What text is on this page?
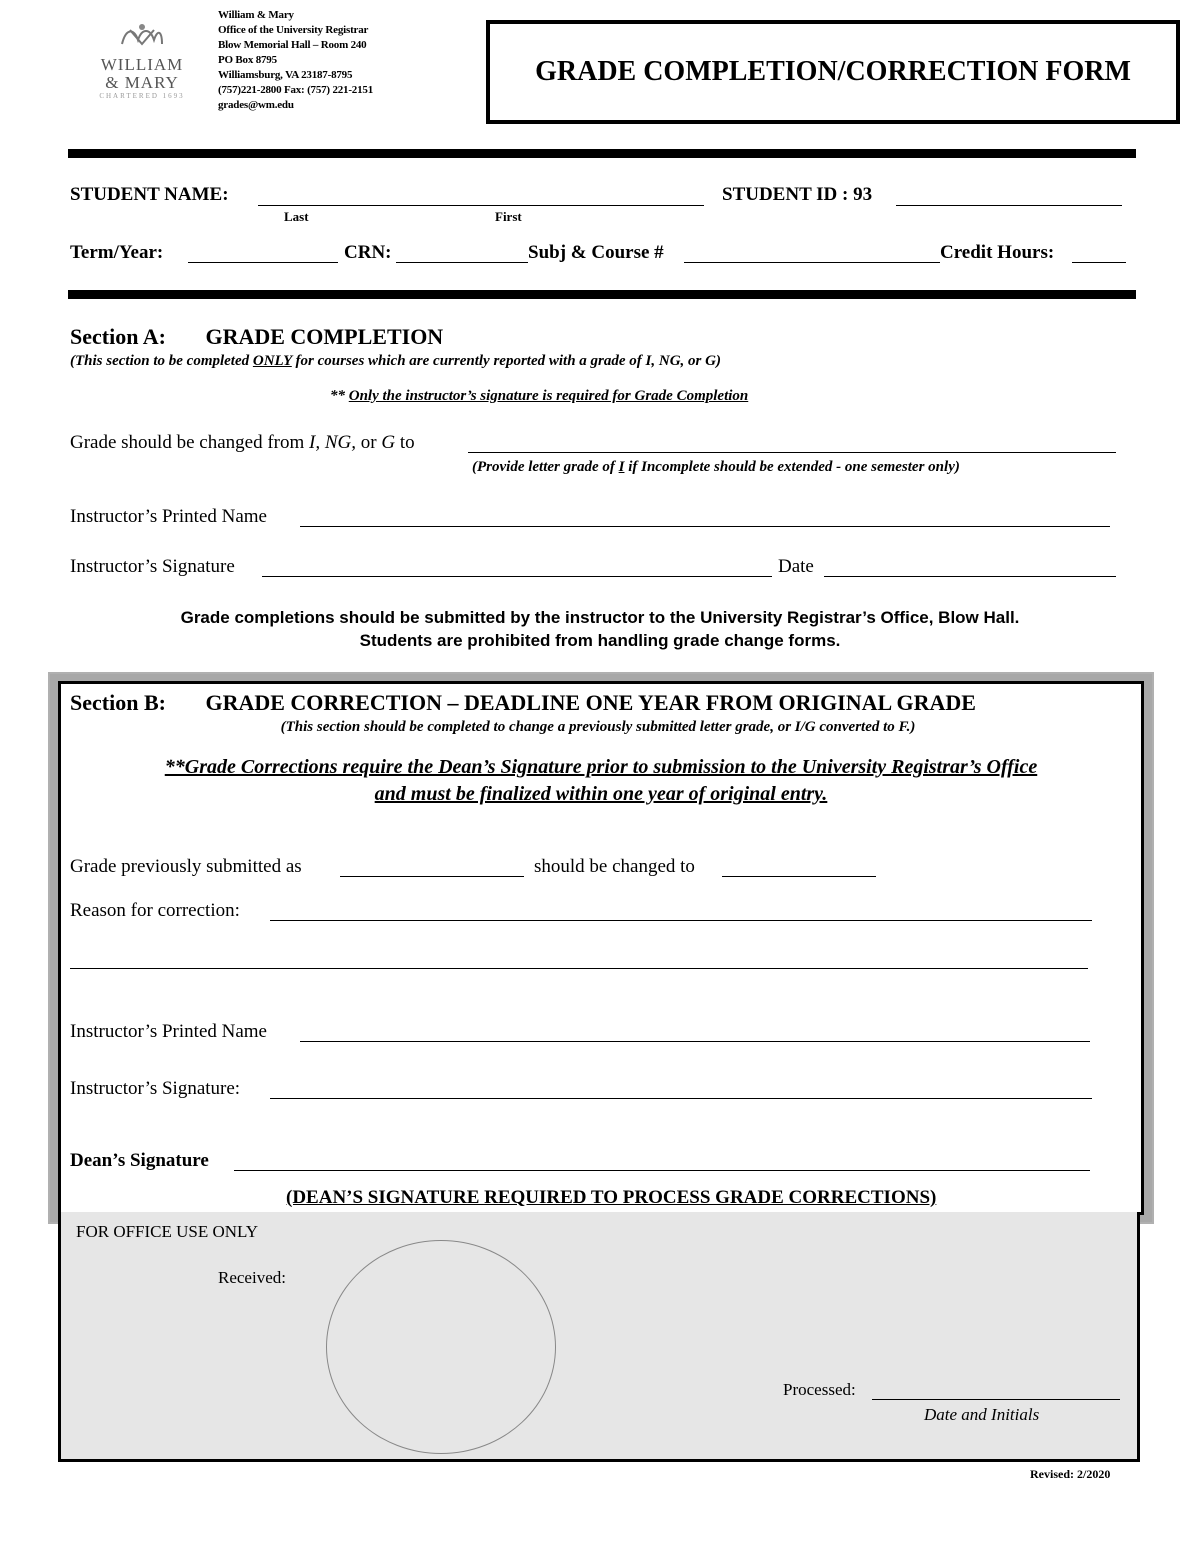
WILLIAM
& MARY
CHARTERED 1693
William & Mary
Office of the University Registrar
Blow Memorial Hall – Room 240
PO Box 8795
Williamsburg, VA 23187-8795
(757)221-2800 Fax: (757) 221-2151
grades@wm.edu
GRADE COMPLETION/CORRECTION FORM
STUDENT NAME:
Last	First
STUDENT ID : 93
Term/Year:	CRN:	Subj & Course #	Credit Hours:
Section A: GRADE COMPLETION
(This section to be completed ONLY for courses which are currently reported with a grade of I, NG, or G)
** Only the instructor’s signature is required for Grade Completion
Grade should be changed from I, NG, or G to
(Provide letter grade of I if Incomplete should be extended - one semester only)
Instructor’s Printed Name
Instructor’s Signature	Date
Grade completions should be submitted by the instructor to the University Registrar’s Office, Blow Hall.
Students are prohibited from handling grade change forms.
Section B: GRADE CORRECTION – DEADLINE ONE YEAR FROM ORIGINAL GRADE
(This section should be completed to change a previously submitted letter grade, or I/G converted to F.)
**Grade Corrections require the Dean’s Signature prior to submission to the University Registrar’s Office
and must be finalized within one year of original entry.
Grade previously submitted as	should be changed to
Reason for correction:
Instructor’s Printed Name
Instructor’s Signature:
Dean’s Signature
(DEAN’S SIGNATURE REQUIRED TO PROCESS GRADE CORRECTIONS)
FOR OFFICE USE ONLY
Received:
Processed:
Date and Initials
Revised: 2/2020
